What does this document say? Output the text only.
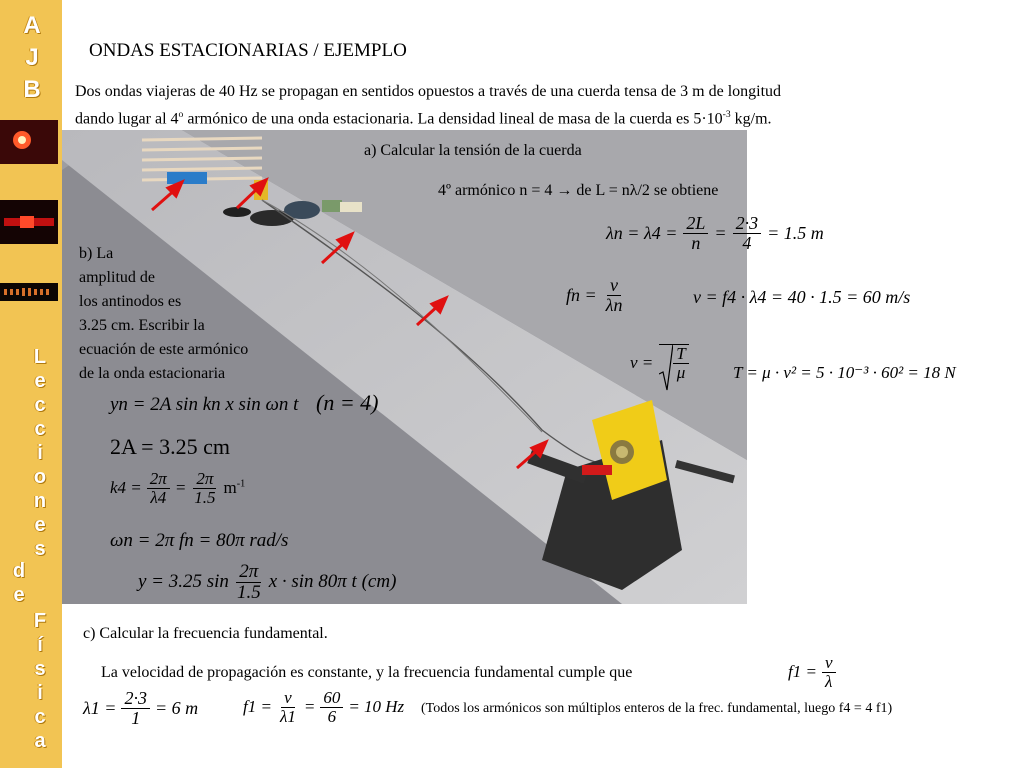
A
J
B
L
e
c
c
i
o
n
e
s
d
e
F
í
s
i
c
a
ONDAS ESTACIONARIAS / EJEMPLO
Dos ondas viajeras de 40 Hz se propagan en sentidos opuestos a través de una cuerda tensa de 3 m de longitud
dando lugar al 4$^o$ armónico de una onda estacionaria. La densidad lineal de masa de la cuerda es $5\cdot 10^{-3}$ kg/m.
a) Calcular la tensión de la cuerda
4º armónico n = 4 → de L = nλ/2 se obtiene
$\lambda n = \lambda 4 = \frac{2L}{n} = \frac{2\cdot 3}{4} = 1.5$ m
fn = $\frac{v}{\lambda n}$	v = f4 · λ4 = 40 · 1.5 = 60 m/s
$v = \frac{T}{\mu}$	T = μ · v² = 5 · 10⁻³ · 60² = 18 N
b) La
amplitud de
los antinodos es
3.25 cm. Escribir la
ecuación de este armónico
de la onda estacionaria
yn = 2A sin kn x sin ωn t (n = 4)
2A = 3.25 cm
$k4 = \frac{2\pi}{\lambda 4} = \frac{2\pi}{1.5} m^{-1}$
ωn = 2π fn = 80π rad/s
y = 3.25 $\sin \frac{2\pi}{1.5}$ x · sin 80π t (cm)
c) Calcular la frecuencia fundamental.
La velocidad de propagación es constante, y la frecuencia fundamental cumple que	$f1 = \frac{v}{\lambda}$
$\lambda 1 = \frac{2\cdot 3}{1} = 6$ m	$f1 = \frac{v}{\lambda 1} = \frac{60}{6} = 10$ Hz (Todos los armónicos son múltiplos enteros de la frec. fundamental, luego f4 = 4 f1)
